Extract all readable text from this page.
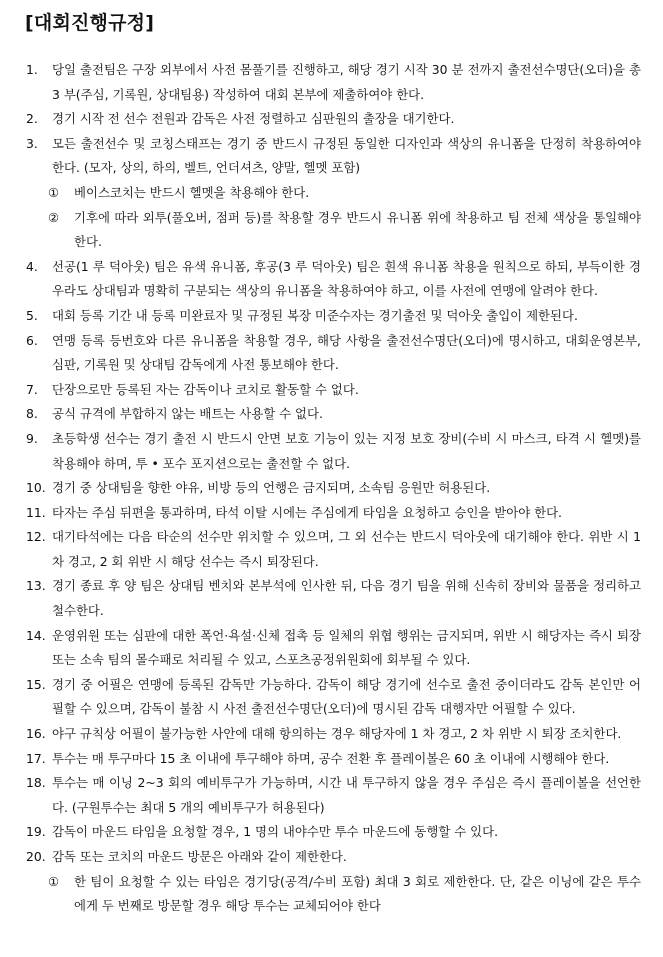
[대회진행규정]
1.	당일 출전팀은 구장 외부에서 사전 몸풀기를 진행하고, 해당 경기 시작 30 분 전까지 출전선수명단(오더)을 총 3 부(주심, 기록원, 상대팀용) 작성하여 대회 본부에 제출하여야 한다.
2.	경기 시작 전 선수 전원과 감독은 사전 정렬하고 심판원의 출장을 대기한다.
3.	모든 출전선수 및 코칭스태프는 경기 중 반드시 규정된 동일한 디자인과 색상의 유니폼을 단정히 착용하여야 한다. (모자, 상의, 하의, 벨트, 언더셔츠, 양말, 헬멧 포함)
①	베이스코치는 반드시 헬멧을 착용해야 한다.
②	기후에 따라 외투(풀오버, 점퍼 등)를 착용할 경우 반드시 유니폼 위에 착용하고 팀 전체 색상을 통일해야 한다.
4.	선공(1 루 덕아웃) 팀은 유색 유니폼, 후공(3 루 덕아웃) 팀은 흰색 유니폼 착용을 원칙으로 하되, 부득이한 경우라도 상대팀과 명확히 구분되는 색상의 유니폼을 착용하여야 하고, 이를 사전에 연맹에 알려야 한다.
5.	대회 등록 기간 내 등록 미완료자 및 규정된 복장 미준수자는 경기출전 및 덕아웃 출입이 제한된다.
6.	연맹 등록 등번호와 다른 유니폼을 착용할 경우, 해당 사항을 출전선수명단(오더)에 명시하고, 대회운영본부, 심판, 기록원 및 상대팀 감독에게 사전 통보해야 한다.
7.	단장으로만 등록된 자는 감독이나 코치로 활동할 수 없다.
8.	공식 규격에 부합하지 않는 배트는 사용할 수 없다.
9.	초등학생 선수는 경기 출전 시 반드시 안면 보호 기능이 있는 지정 보호 장비(수비 시 마스크, 타격 시 헬멧)를 착용해야 하며, 투 • 포수 포지션으로는 출전할 수 없다.
10. 경기 중 상대팀을 향한 야유, 비방 등의 언행은 금지되며, 소속팀 응원만 허용된다.
11. 타자는 주심 뒤편을 통과하며, 타석 이탈 시에는 주심에게 타임을 요청하고 승인을 받아야 한다.
12. 대기타석에는 다음 타순의 선수만 위치할 수 있으며, 그 외 선수는 반드시 덕아웃에 대기해야 한다. 위반 시 1 차 경고, 2 회 위반 시 해당 선수는 즉시 퇴장된다.
13. 경기 종료 후 양 팀은 상대팀 벤치와 본부석에 인사한 뒤, 다음 경기 팀을 위해 신속히 장비와 물품을 정리하고 철수한다.
14. 운영위원 또는 심판에 대한 폭언·욕설·신체 접촉 등 일체의 위협 행위는 금지되며, 위반 시 해당자는 즉시 퇴장 또는 소속 팀의 몰수패로 처리될 수 있고, 스포츠공정위원회에 회부될 수 있다.
15. 경기 중 어필은 연맹에 등록된 감독만 가능하다. 감독이 해당 경기에 선수로 출전 중이더라도 감독 본인만 어필할 수 있으며, 감독이 불참 시 사전 출전선수명단(오더)에 명시된 감독 대행자만 어필할 수 있다.
16. 야구 규칙상 어필이 불가능한 사안에 대해 항의하는 경우 해당자에 1 차 경고, 2 차 위반 시 퇴장 조치한다.
17. 투수는 매 투구마다 15 초 이내에 투구해야 하며, 공수 전환 후 플레이볼은 60 초 이내에 시행해야 한다.
18. 투수는 매 이닝 2~3 회의 예비투구가 가능하며, 시간 내 투구하지 않을 경우 주심은 즉시 플레이볼을 선언한다. (구원투수는 최대 5 개의 예비투구가 허용된다)
19. 감독이 마운드 타임을 요청할 경우, 1 명의 내야수만 투수 마운드에 동행할 수 있다.
20. 감독 또는 코치의 마운드 방문은 아래와 같이 제한한다.
①	한 팀이 요청할 수 있는 타임은 경기당(공격/수비 포함) 최대 3 회로 제한한다. 단, 같은 이닝에 같은 투수에게 두 번째로 방문할 경우 해당 투수는 교체되어야 한다
